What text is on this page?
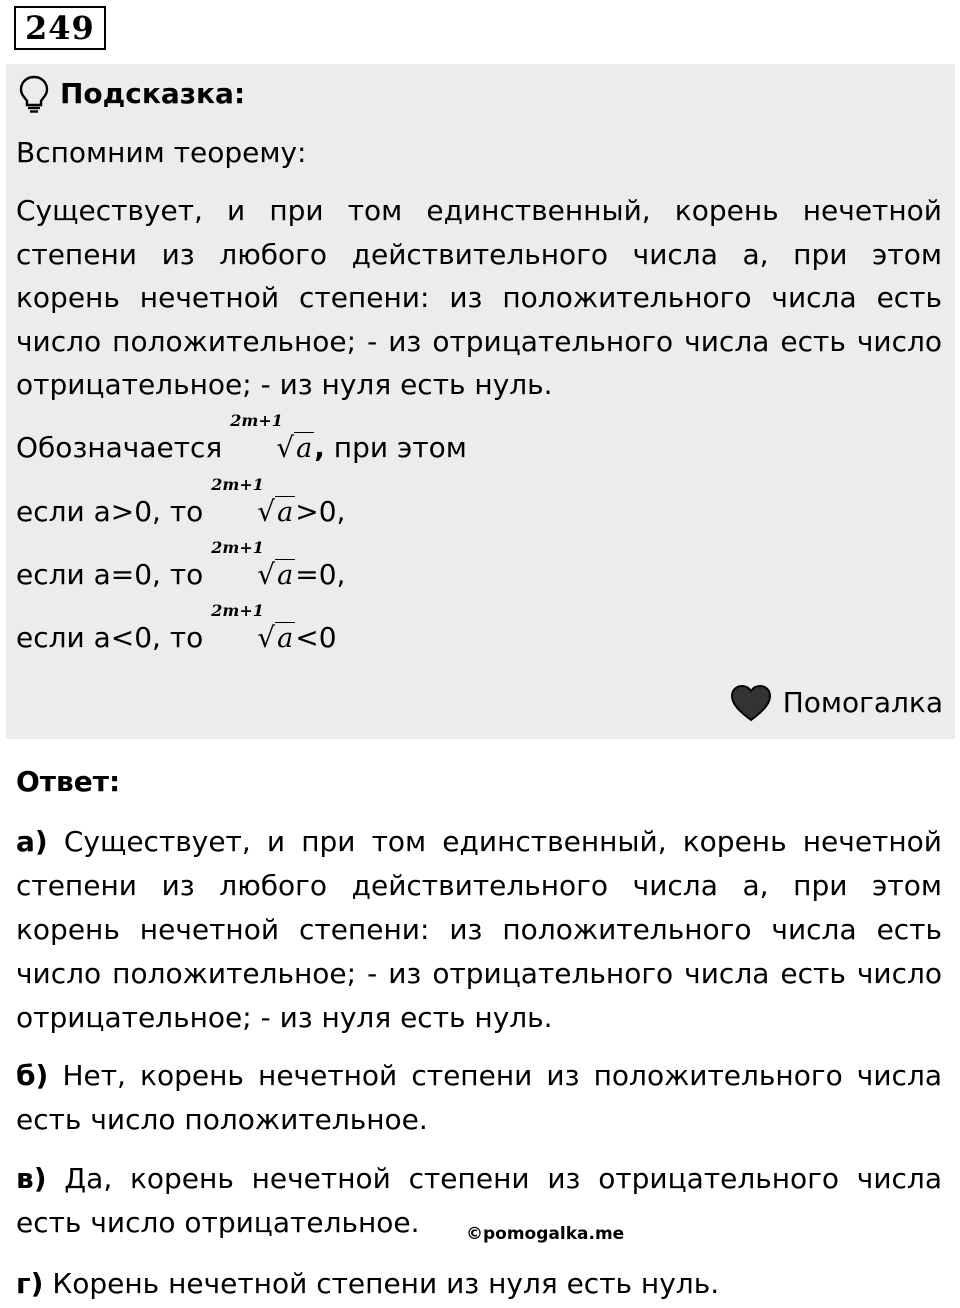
249
Подсказка:
Вспомним теорему:
Существует, и при том единственный, корень нечетной степени из любого действительного числа а, при этом корень нечетной степени: из положительного числа есть число положительное; - из отрицательного числа есть число отрицательное; - из нуля есть нуль.
Обозначается
2m+1
√a, при этом
если а>0, то
2m+1
√a>0,
если а=0, то
2m+1
√a=0,
если а<0, то
2m+1
√a<0
Помогалка
Ответ:
а) Существует, и при том единственный, корень нечетной степени из любого действительного числа а, при этом корень нечетной степени: из положительного числа есть число положительное; - из отрицательного числа есть число отрицательное; - из нуля есть нуль.
б) Нет, корень нечетной степени из положительного числа есть число положительное.
в) Да, корень нечетной степени из отрицательного числа есть число отрицательное.	©pomogalka.me
г) Корень нечетной степени из нуля есть нуль.
